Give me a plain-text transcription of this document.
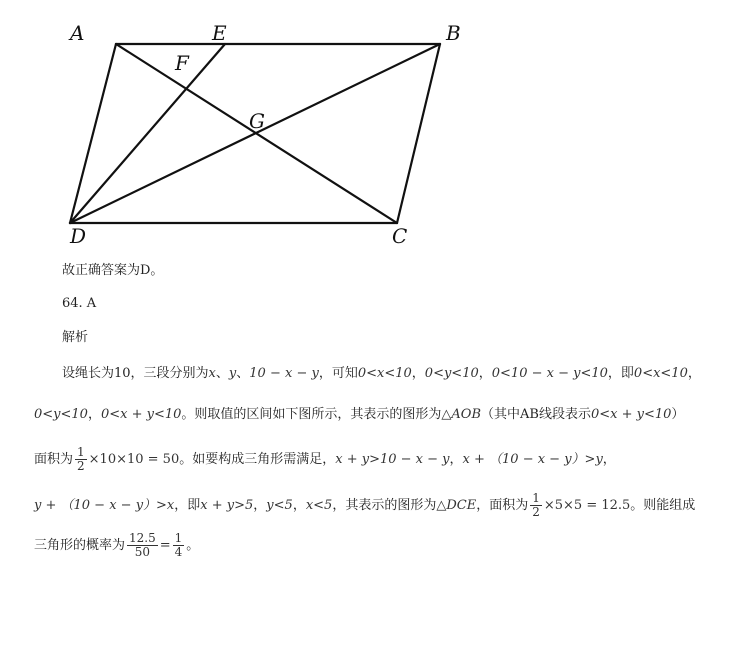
A	E	B
F
G
D	C
故正确答案为D。
64. A
解析
设绳长为10，三段分别为x、y、10 − x − y，可知0<x<10，0<y<10，0<10 − x − y<10，即0<x<10，
0<y<10，0<x + y<10。则取值的区间如下图所示，其表示的图形为△AOB（其中AB线段表示0<x + y<10）
面积为 $\frac{1}{2} \times 10\times 10 = 50$。如要构成三角形需满足，x + y>10 − x − y，x + （10 − x − y）>y，
y + （10 − x − y）>x，即x + y>5，y<5，x<5，其表示的图形为△DCE，面积为 $\frac{1}{2} \times 5\times 5 = 12.5$。则能组成
三角形的概率为 $\frac{12.5}{50} = \frac{1}{4}$ 。
